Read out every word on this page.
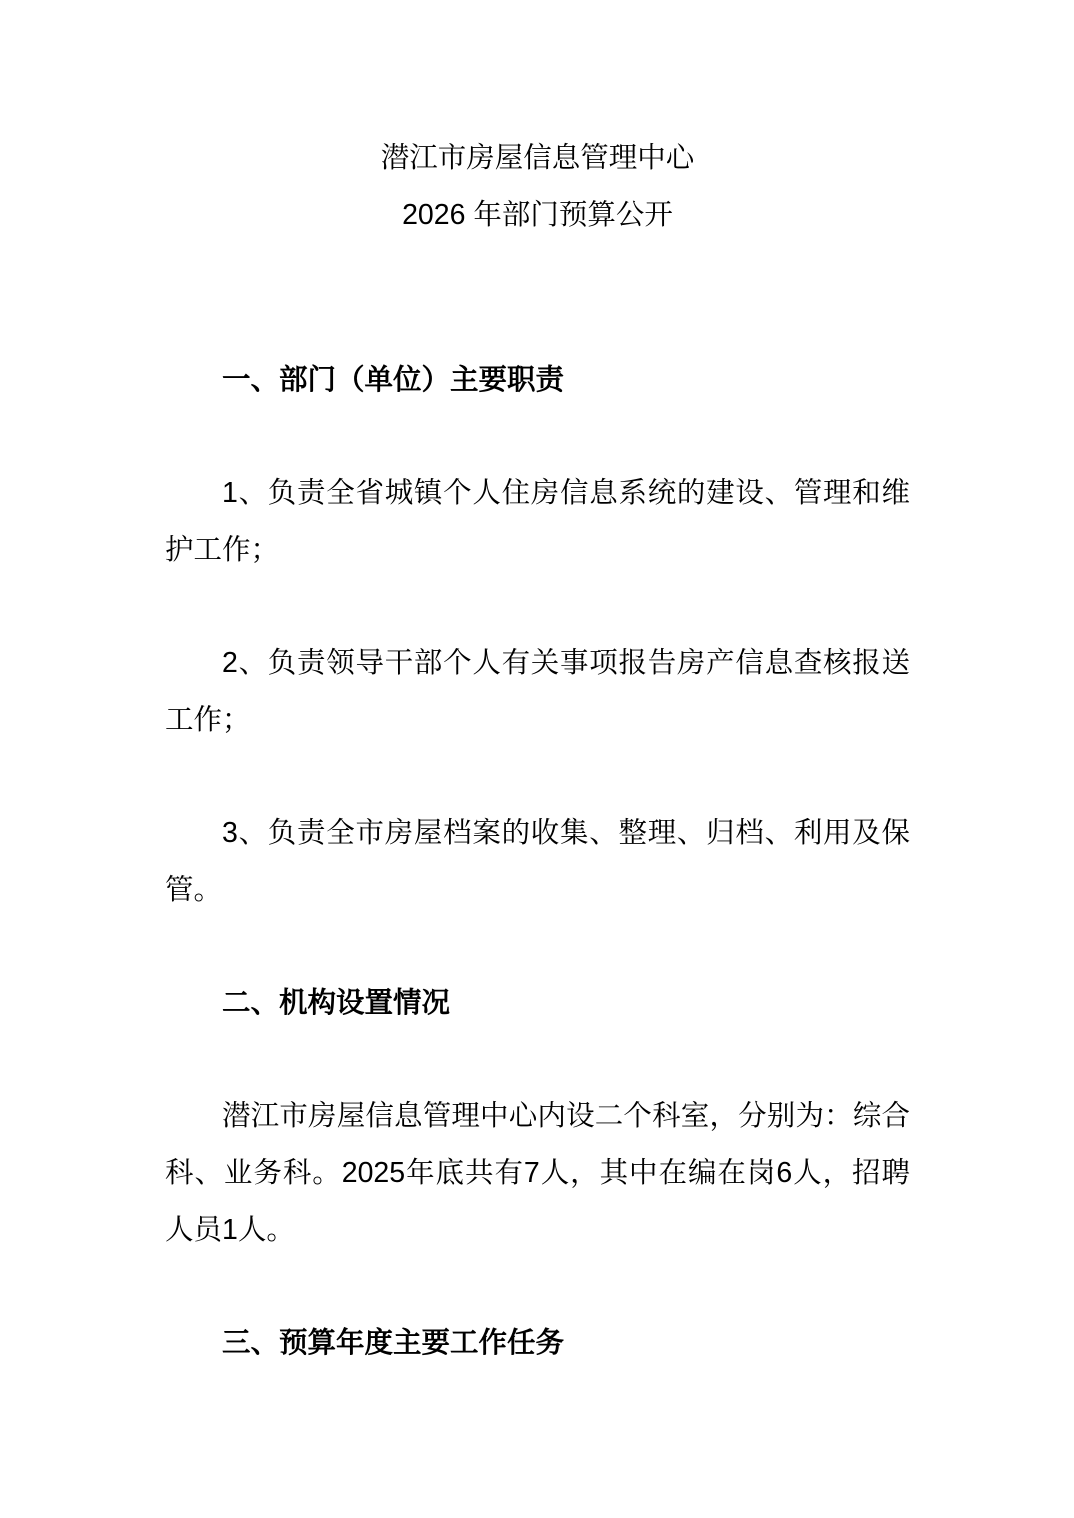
潜江市房屋信息管理中心
2026 年部门预算公开
一、部门（单位）主要职责

1、负责全省城镇个人住房信息系统的建设、管理和维护工作；

2、负责领导干部个人有关事项报告房产信息查核报送工作；

3、负责全市房屋档案的收集、整理、归档、利用及保管。

二、机构设置情况

潜江市房屋信息管理中心内设二个科室，分别为：综合科、业务科。2025年底共有7人，其中在编在岗6人，招聘人员1人。

三、预算年度主要工作任务
